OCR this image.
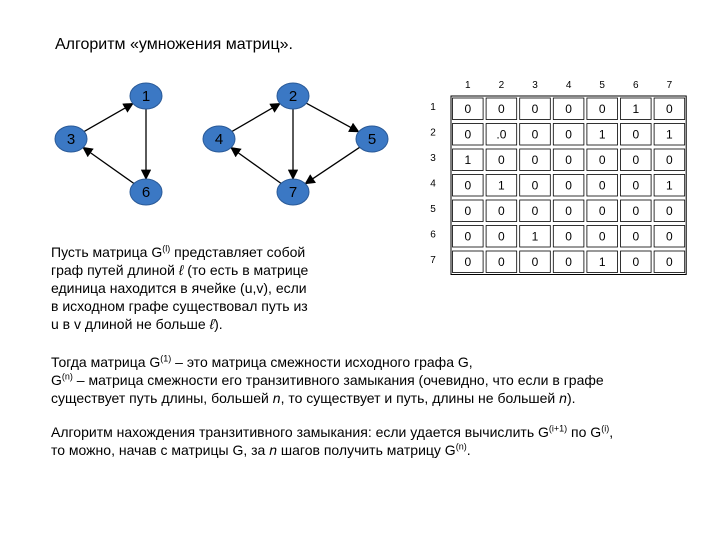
Алгоритм «умножения матриц».
1	2
3	4	5
6	7
0 0 0 0 0 1 0
0 .0 0 0 1 0 1
1 0 0 0 0 0 0
0 1 0 0 0 0 1
0 0 0 0 0 0 0
0 0 1 0 0 0 0
0 0 0 0 1 0 0
1	2	3	4	5	6	7
1
2
3
4
5
6
7
Пусть матрица $G^{(l)}$ представляет собой
граф путей длиной ℓ (то есть в матрице
единица находится в ячейке (u,v), если
в исходном графе существовал путь из
u в v длиной не больше ℓ).
Тогда матрица $G^{(1)}$ – это матрица смежности исходного графа G,
$G^{(n)}$ – матрица смежности его транзитивного замыкания (очевидно, что если в графе
существует путь длины, большей n, то существует и путь, длины не большей n).
Алгоритм нахождения транзитивного замыкания: если удается вычислить $G^{(i+1)}$ по $G^{(i)}$,
то можно, начав с матрицы G, за n шагов получить матрицу $G^{(n)}$.
